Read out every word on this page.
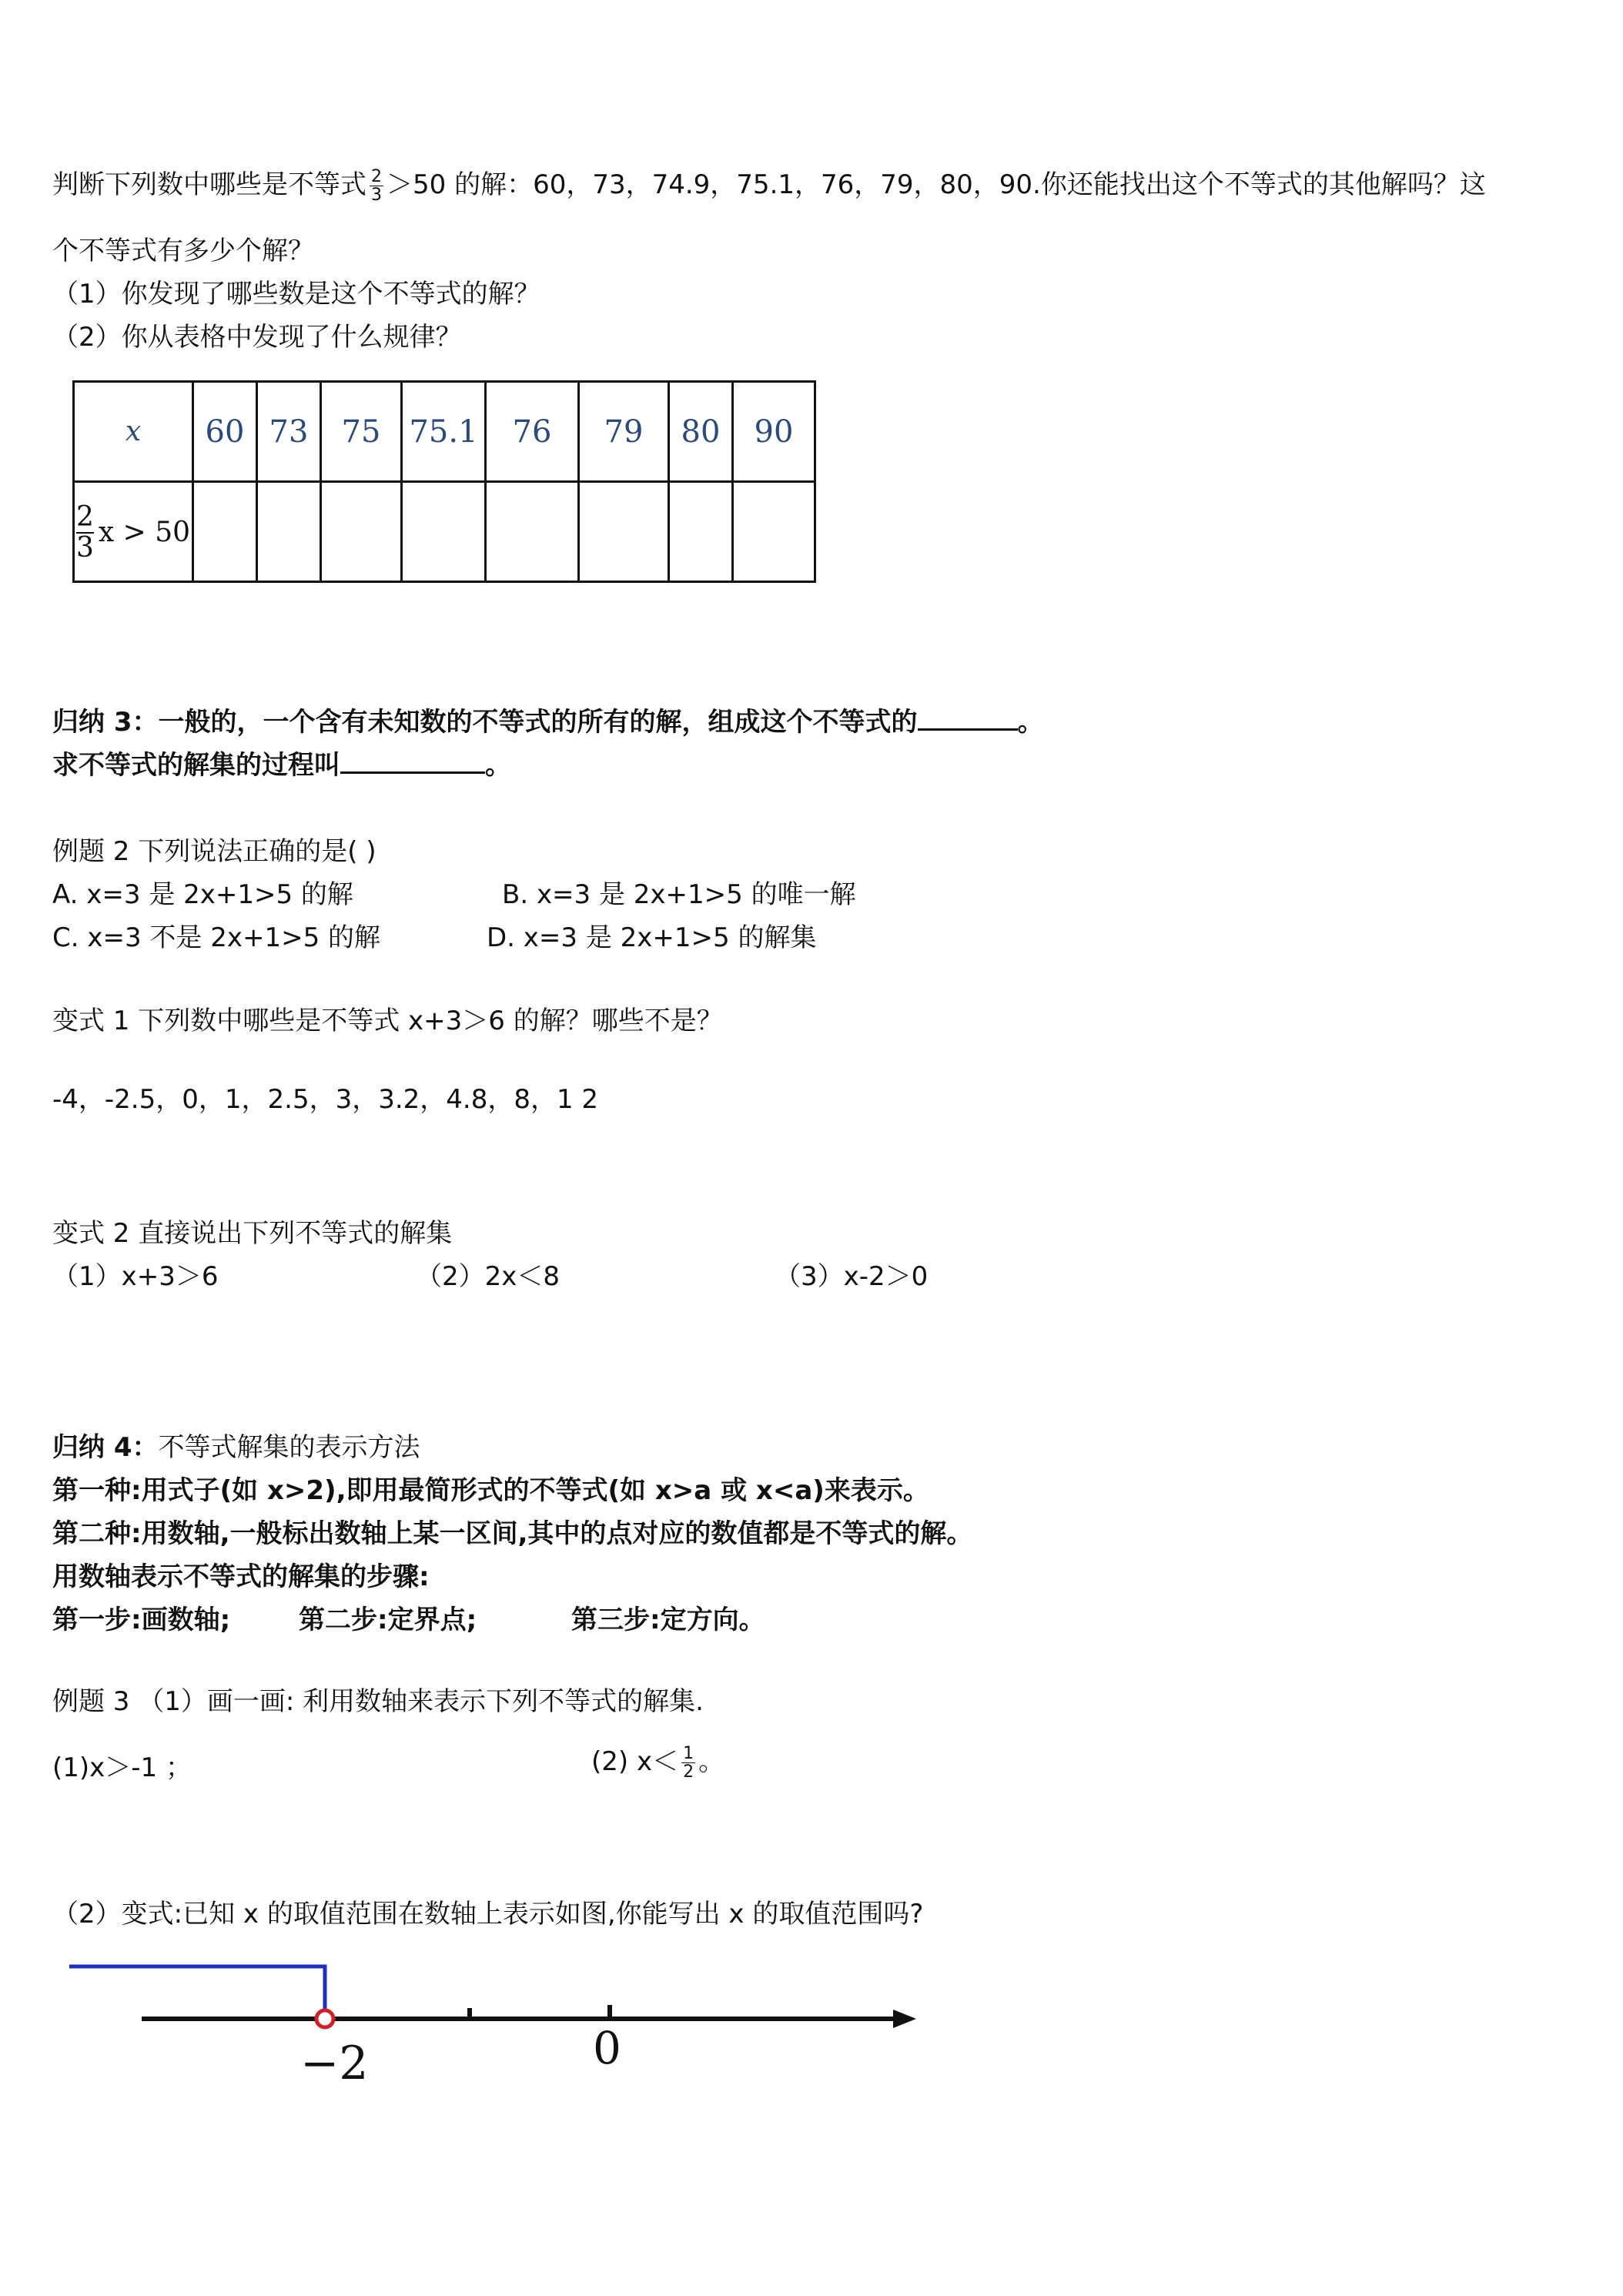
判断下列数中哪些是不等式 $\frac{2}{3} >50$ 的解：60，73，74.9，75.1，76，79，80，90.你还能找出这个不等式的其他解吗？这
个不等式有多少个解？
（1）你发现了哪些数是这个不等式的解？
（2）你从表格中发现了什么规律？
x	60	73	75	75.1	76	79	80	90

$\frac{2}{3}$ x > 50								

归纳 3：一般的，一个含有未知数的不等式的所有的解，组成这个不等式的	。
求不等式的解集的过程叫	。
例题 2 下列说法正确的是( )
A. x=3 是 2x+1>5 的解	B. x=3 是 2x+1>5 的唯一解
C. x=3 不是 2x+1>5 的解	D. x=3 是 2x+1>5 的解集
变式 1 下列数中哪些是不等式 x+3＞6 的解？哪些不是？
-4，-2.5，0，1，2.5，3，3.2，4.8，8，1 2
变式 2 直接说出下列不等式的解集
（1）x+3＞6	（2）2x＜8	（3）x-2＞0
归纳 4：不等式解集的表示方法
第一种:用式子(如 x>2),即用最简形式的不等式(如 x>a 或 x<a)来表示。
第二种:用数轴,一般标出数轴上某一区间,其中的点对应的数值都是不等式的解。
用数轴表示不等式的解集的步骤:
第一步:画数轴;	第二步:定界点;	第三步:定方向。
例题 3 （1）画一画: 利用数轴来表示下列不等式的解集.
(1)x＞-1 ；	(2) $x< \frac{1}{2}$ 。
（2）变式:已知 x 的取值范围在数轴上表示如图,你能写出 x 的取值范围吗?
−2	0
